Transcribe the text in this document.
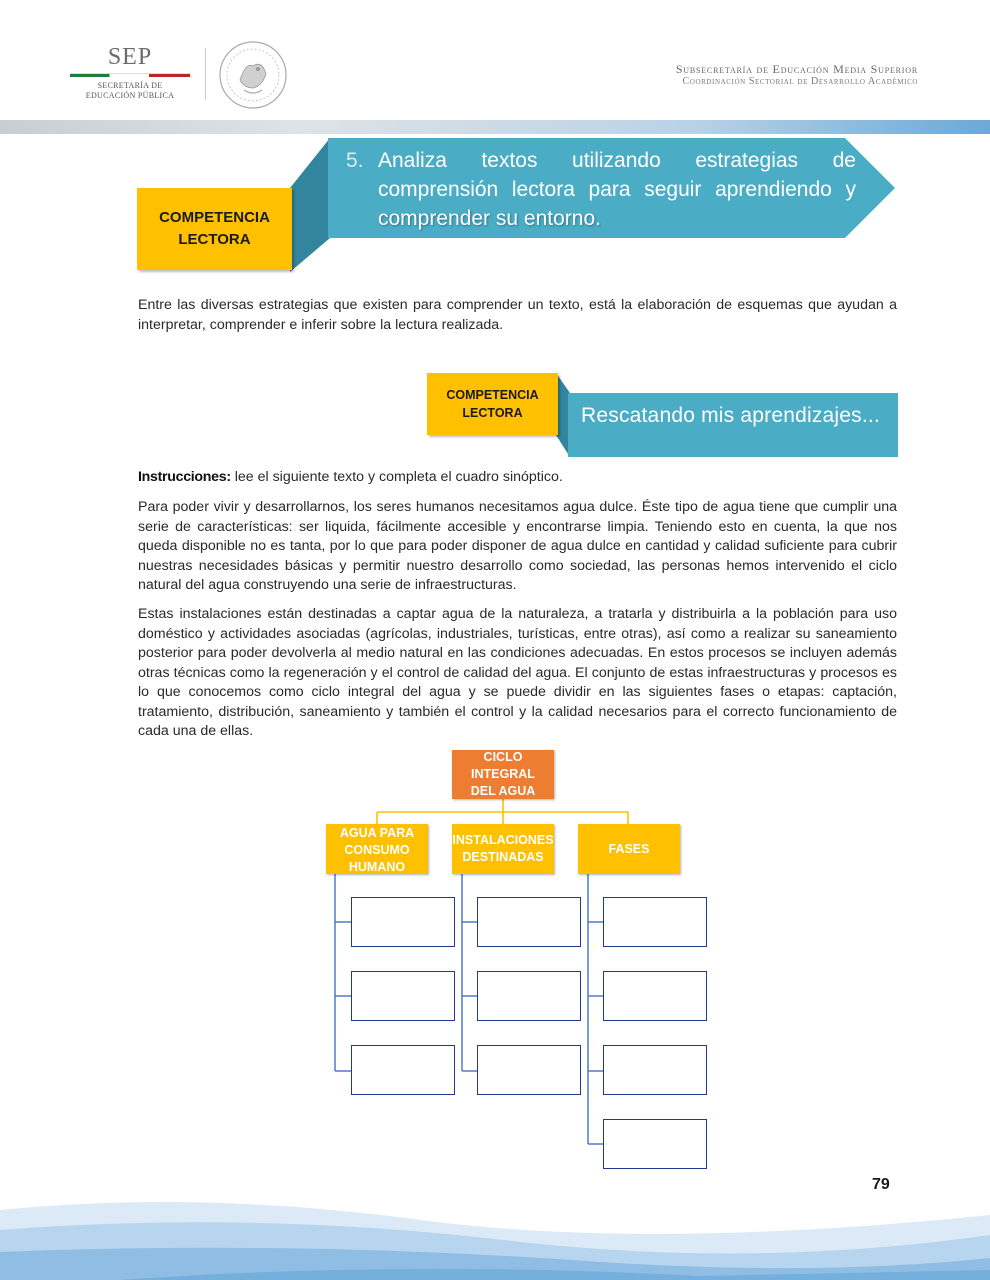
SEP
SECRETARÍA DE
EDUCACIÓN PÚBLICA
Subsecretaría de Educación Media Superior
Coordinación Sectorial de Desarrollo Académico
COMPETENCIA
LECTORA
5. Analiza textos utilizando estrategias de comprensión lectora para seguir aprendiendo y
comprender su entorno.
Entre las diversas estrategias que existen para comprender un texto, está la elaboración de esquemas que ayudan a interpretar, comprender e inferir sobre la lectura realizada.
COMPETENCIA
LECTORA	Rescatando mis aprendizajes...
Instrucciones: lee el siguiente texto y completa el cuadro sinóptico.
Para poder vivir y desarrollarnos, los seres humanos necesitamos agua dulce. Éste tipo de agua tiene que cumplir una serie de características: ser liquida, fácilmente accesible y encontrarse limpia. Teniendo esto en cuenta, la que nos queda disponible no es tanta, por lo que para poder disponer de agua dulce en cantidad y calidad suficiente para cubrir nuestras necesidades básicas y permitir nuestro desarrollo como sociedad, las personas hemos intervenido el ciclo natural del agua construyendo una serie de infraestructuras.
Estas instalaciones están destinadas a captar agua de la naturaleza, a tratarla y distribuirla a la población para uso doméstico y actividades asociadas (agrícolas, industriales, turísticas, entre otras), así como a realizar su saneamiento posterior para poder devolverla al medio natural en las condiciones adecuadas. En estos procesos se incluyen además otras técnicas como la regeneración y el control de calidad del agua. El conjunto de estas infraestructuras y procesos es lo que conocemos como ciclo integral del agua y se puede dividir en las siguientes fases o etapas: captación, tratamiento, distribución, saneamiento y también el control y la calidad necesarios para el correcto funcionamiento de cada una de ellas.
CICLO INTEGRAL
DEL AGUA
AGUA PARA
CONSUMO
HUMANO
INSTALACIONES
DESTINADAS
FASES
79
